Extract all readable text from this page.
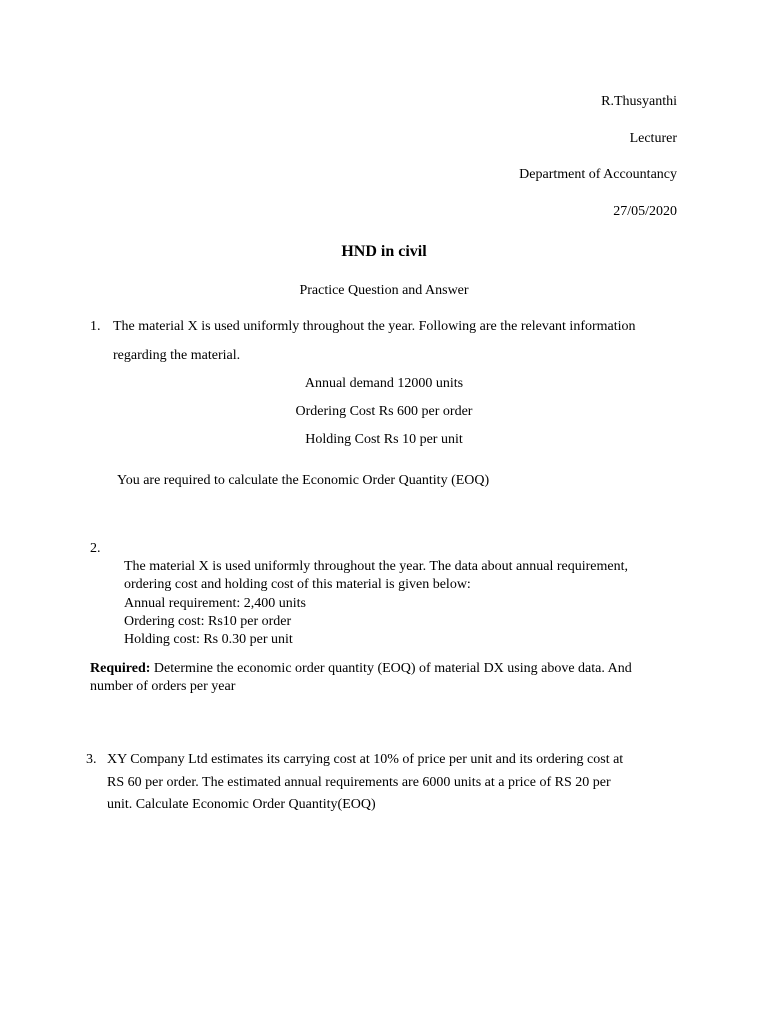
R.Thusyanthi
Lecturer
Department of Accountancy
27/05/2020
HND in civil
Practice Question and Answer
1. The material X is used uniformly throughout the year. Following are the relevant information
regarding the material.
Annual demand 12000 units
Ordering Cost Rs 600 per order
Holding Cost Rs 10 per unit
You are required to calculate the Economic Order Quantity (EOQ)
2.
The material X is used uniformly throughout the year. The data about annual requirement,
ordering cost and holding cost of this material is given below:
Annual requirement: 2,400 units
Ordering cost: Rs10 per order
Holding cost: Rs 0.30 per unit
Required: Determine the economic order quantity (EOQ) of material DX using above data. And
number of orders per year
3. XY Company Ltd estimates its carrying cost at 10% of price per unit and its ordering cost at
RS 60 per order. The estimated annual requirements are 6000 units at a price of RS 20 per
unit. Calculate Economic Order Quantity(EOQ)
